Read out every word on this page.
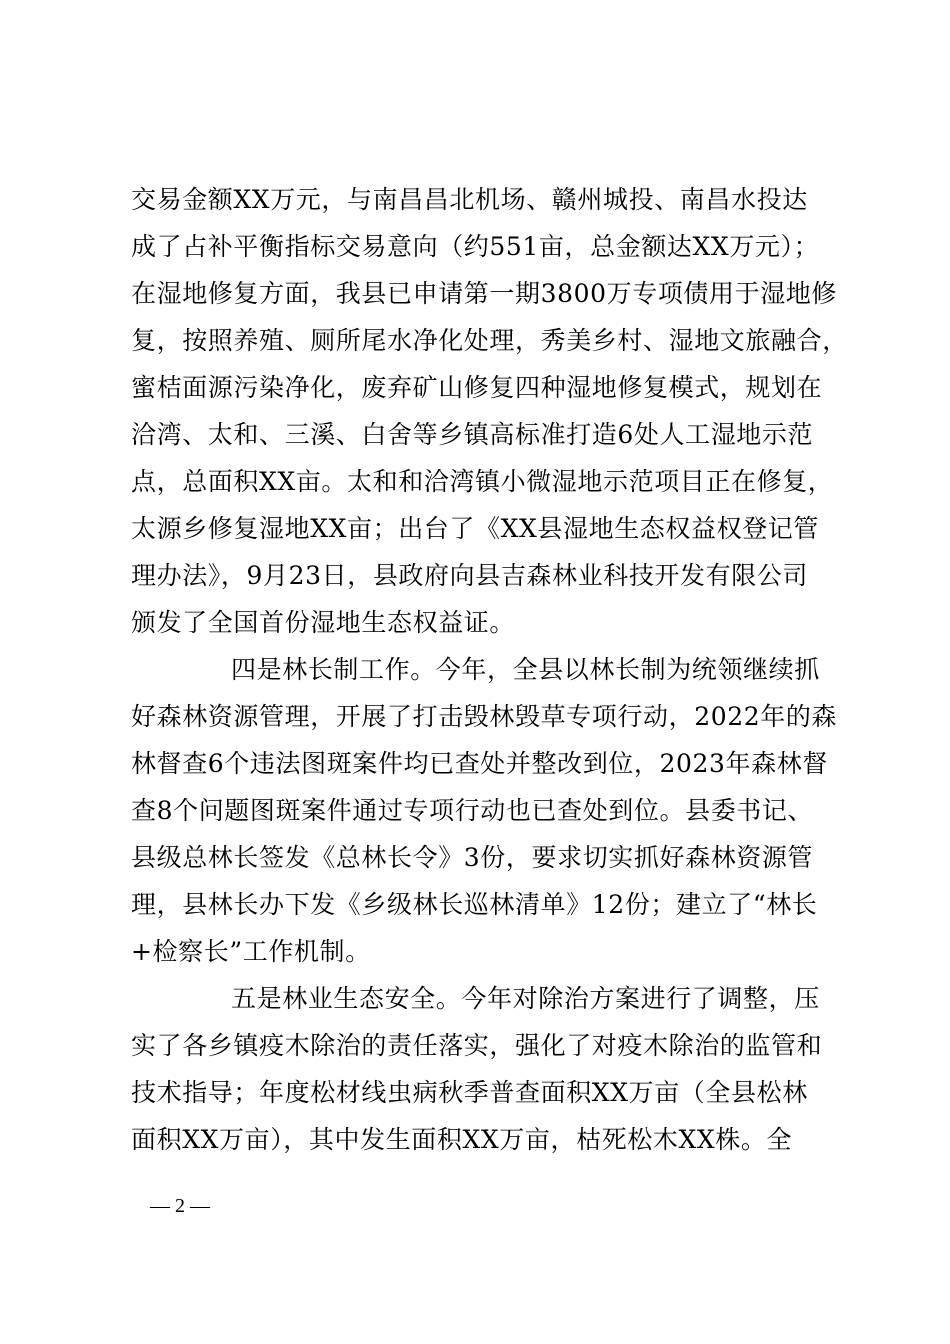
交易金额XX万元，与南昌昌北机场、赣州城投、南昌水投达
成了占补平衡指标交易意向（约551亩，总金额达XX万元）；
在湿地修复方面，我县已申请第一期3800万专项债用于湿地修
复，按照养殖、厕所尾水净化处理，秀美乡村、湿地文旅融合，
蜜桔面源污染净化，废弃矿山修复四种湿地修复模式，规划在
洽湾、太和、三溪、白舍等乡镇高标准打造6处人工湿地示范
点，总面积XX亩。太和和洽湾镇小微湿地示范项目正在修复，
太源乡修复湿地XX亩；出台了《XX县湿地生态权益权登记管
理办法》，9月23日，县政府向县吉森林业科技开发有限公司
颁发了全国首份湿地生态权益证。
四是林长制工作。今年，全县以林长制为统领继续抓
好森林资源管理，开展了打击毁林毁草专项行动，2022年的森
林督查6个违法图斑案件均已查处并整改到位，2023年森林督
查8个问题图斑案件通过专项行动也已查处到位。县委书记、
县级总林长签发《总林长令》3份，要求切实抓好森林资源管
理，县林长办下发《乡级林长巡林清单》12份；建立了“林长
+检察长”工作机制。
五是林业生态安全。今年对除治方案进行了调整，压
实了各乡镇疫木除治的责任落实，强化了对疫木除治的监管和
技术指导；年度松材线虫病秋季普查面积XX万亩（全县松林
面积XX万亩），其中发生面积XX万亩，枯死松木XX株。全
— 2 —
